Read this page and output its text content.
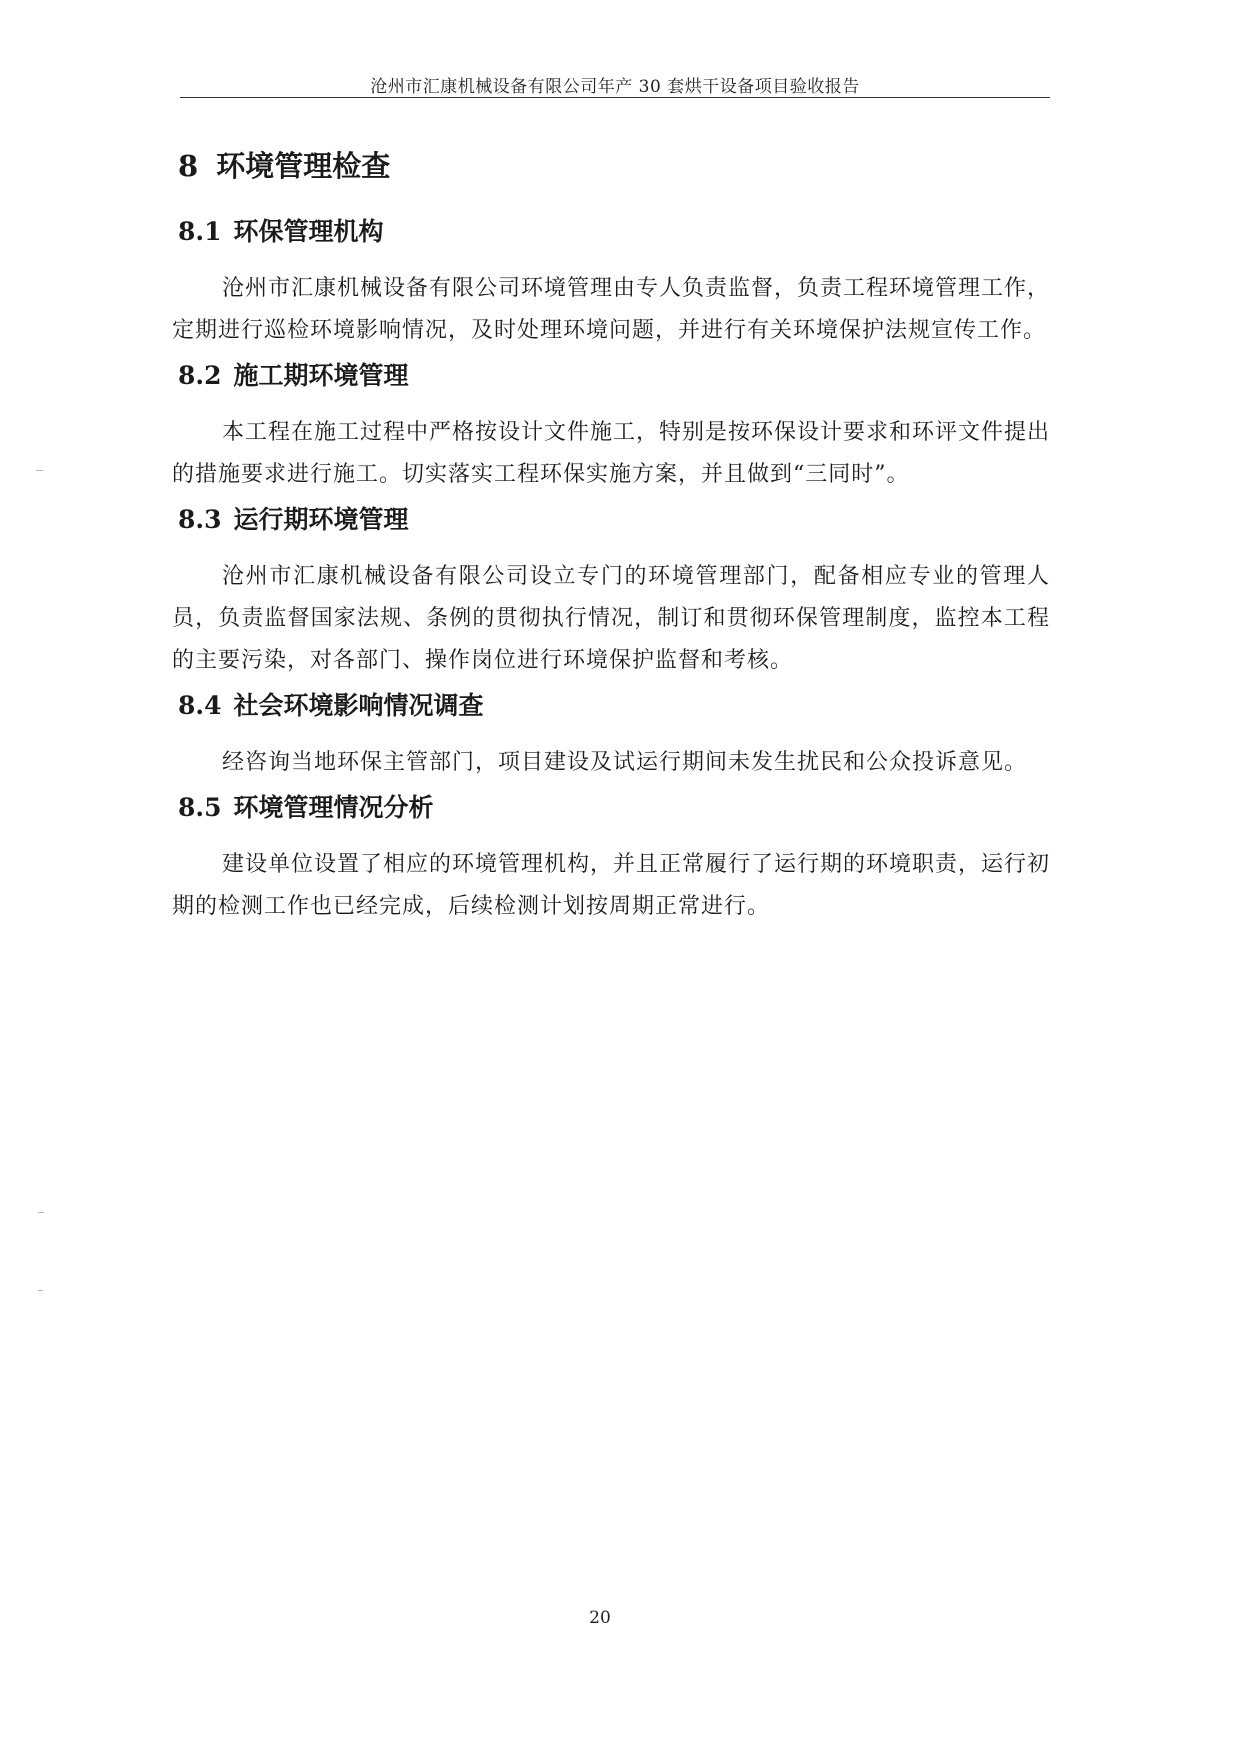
沧州市汇康机械设备有限公司年产 30 套烘干设备项目验收报告
8 环境管理检查
8.1 环保管理机构

沧州市汇康机械设备有限公司环境管理由专人负责监督，负责工程环境管理工作，定期进行巡检环境影响情况，及时处理环境问题，并进行有关环境保护法规宣传工作。

8.2 施工期环境管理

本工程在施工过程中严格按设计文件施工，特别是按环保设计要求和环评文件提出的措施要求进行施工。切实落实工程环保实施方案，并且做到“三同时”。

8.3 运行期环境管理

沧州市汇康机械设备有限公司设立专门的环境管理部门，配备相应专业的管理人员，负责监督国家法规、条例的贯彻执行情况，制订和贯彻环保管理制度，监控本工程的主要污染，对各部门、操作岗位进行环境保护监督和考核。

8.4 社会环境影响情况调查

经咨询当地环保主管部门，项目建设及试运行期间未发生扰民和公众投诉意见。

8.5 环境管理情况分析

建设单位设置了相应的环境管理机构，并且正常履行了运行期的环境职责，运行初期的检测工作也已经完成，后续检测计划按周期正常进行。

20
